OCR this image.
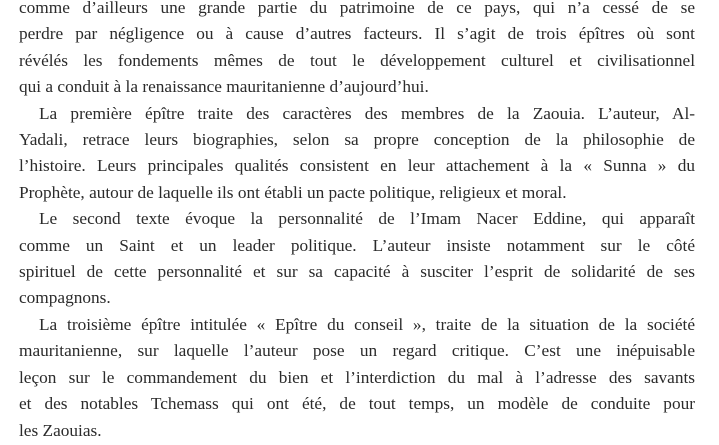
comme d’ailleurs une grande partie du patrimoine de ce pays, qui n’a cessé de se
perdre par négligence ou à cause d’autres facteurs. Il s’agit de trois épîtres où sont
révélés les fondements mêmes de tout le développement culturel et civilisationnel
qui a conduit à la renaissance mauritanienne d’aujourd’hui.

La première épître traite des caractères des membres de la Zaouia. L’auteur, Al-
Yadali, retrace leurs biographies, selon sa propre conception de la philosophie de
l’histoire. Leurs principales qualités consistent en leur attachement à la « Sunna » du
Prophète, autour de laquelle ils ont établi un pacte politique, religieux et moral.

Le second texte évoque la personnalité de l’Imam Nacer Eddine, qui apparaît
comme un Saint et un leader politique. L’auteur insiste notamment sur le côté
spirituel de cette personnalité et sur sa capacité à susciter l’esprit de solidarité de ses
compagnons.

La troisième épître intitulée « Epître du conseil », traite de la situation de la société
mauritanienne, sur laquelle l’auteur pose un regard critique. C’est une inépuisable
leçon sur le commandement du bien et l’interdiction du mal à l’adresse des savants
et des notables Tchemass qui ont été, de tout temps, un modèle de conduite pour
les Zaouias.
